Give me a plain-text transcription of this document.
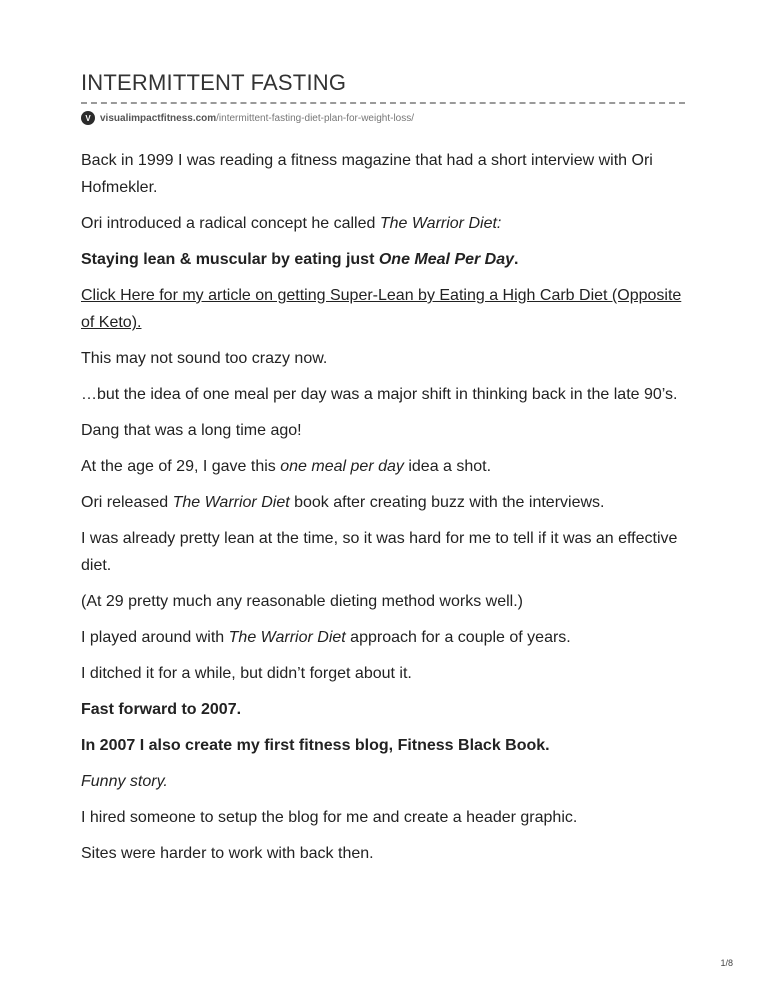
INTERMITTENT FASTING
V visualimpactfitness.com /intermittent-fasting-diet-plan-for-weight-loss/

Back in 1999 I was reading a fitness magazine that had a short interview with Ori Hofmekler.

Ori introduced a radical concept he called The Warrior Diet:

Staying lean & muscular by eating just One Meal Per Day.

Click Here for my article on getting Super-Lean by Eating a High Carb Diet (Opposite of Keto).

This may not sound too crazy now.

…but the idea of one meal per day was a major shift in thinking back in the late 90’s.

Dang that was a long time ago!

At the age of 29, I gave this one meal per day idea a shot.

Ori released The Warrior Diet book after creating buzz with the interviews.

I was already pretty lean at the time, so it was hard for me to tell if it was an effective diet.

(At 29 pretty much any reasonable dieting method works well.)

I played around with The Warrior Diet approach for a couple of years.

I ditched it for a while, but didn’t forget about it.

Fast forward to 2007.

In 2007 I also create my first fitness blog, Fitness Black Book.

Funny story.

I hired someone to setup the blog for me and create a header graphic.

Sites were harder to work with back then.

1/8
